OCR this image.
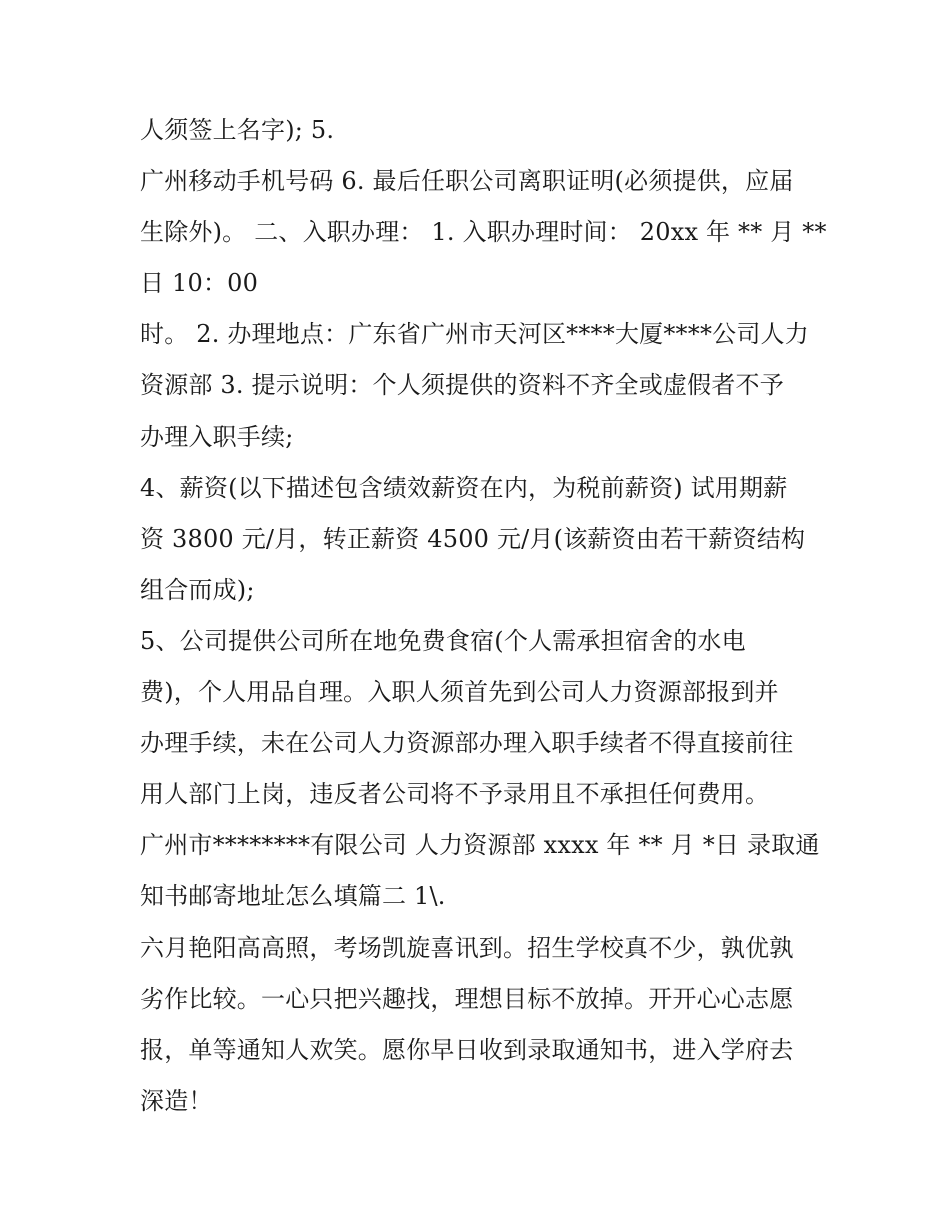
人须签上名字); 5.
广州移动手机号码 6. 最后任职公司离职证明(必须提供，应届
生除外)。 二、入职办理： 1. 入职办理时间： 20xx 年 ** 月 **
日 10：00
时。 2. 办理地点：广东省广州市天河区****大厦****公司人力
资源部 3. 提示说明：个人须提供的资料不齐全或虚假者不予
办理入职手续;
4、薪资(以下描述包含绩效薪资在内，为税前薪资) 试用期薪
资 3800 元/月，转正薪资 4500 元/月(该薪资由若干薪资结构
组合而成);
5、公司提供公司所在地免费食宿(个人需承担宿舍的水电
费)，个人用品自理。入职人须首先到公司人力资源部报到并
办理手续，未在公司人力资源部办理入职手续者不得直接前往
用人部门上岗，违反者公司将不予录用且不承担任何费用。
广州市********有限公司 人力资源部 xxxx 年 ** 月 *日 录取通
知书邮寄地址怎么填篇二 1\.
六月艳阳高高照，考场凯旋喜讯到。招生学校真不少，孰优孰
劣作比较。一心只把兴趣找，理想目标不放掉。开开心心志愿
报，单等通知人欢笑。愿你早日收到录取通知书，进入学府去
深造！
